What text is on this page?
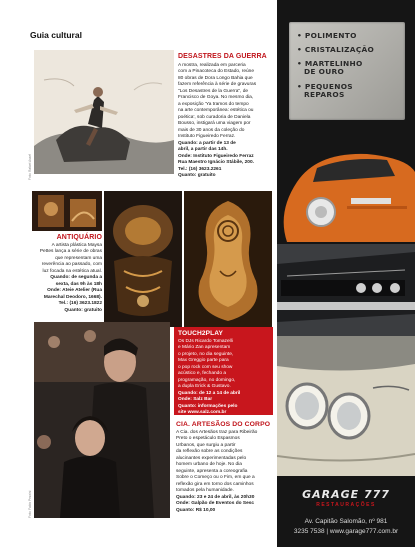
Guia cultural
Foto: Rafael Assef
DESASTRES DA GUERRA
A mostra, realizada em parceria
com a Pinacoteca do Estado, reúne
80 obras de Dora Longo Bahia que
fazem referência à série de gravuras
"Los Desastres de la Guerra", de
Francisco de Goya. No mesmo dia,
a exposição 'Ya tramos do tempo
na arte contemporânea: estética ou
poética', sob curadoria de Daniela
Bousso, instigará uma viagem por
mais de 30 anos da coleção do
Instituto Figueiredo Ferraz.
Quando: a partir de 13 de
abril, a partir das 14h.
Onde: Instituto Figueiredo Ferraz
Rua Maestro Ignácio Stábile, 200.
Tel.: (16) 3623.2261
Quanto: gratuito
ANTIQUÁRIO
A artista plástica Maysa
Pettes lança a série de obras
que representam uma
reverência ao passado, com
luz focada na estética atual.
Quando: de segunda a
sexta, das 9h às 18h
Onde: Ateie Atelier (Rua
Marechal Deodoro, 1668).
Tel.: (16) 3623.1822
Quanto: gratuito
Foto: Fabio Pezzini
TOUCH2PLAY
Os DJs Ricardo Tomazelli
e Mário Zan apresentam
o projeto, no dia seguinte,
Max Greggio parte para
o pop rock com seu show
acústico e, fechando a
programação, no domingo,
a dupla Erick & Gustavo.
Quando: de 12 a 14 de abril
Onde: Salz Bar
Quanto: informações pelo
site www.salz.com.br
CIA. ARTESÃOS DO CORPO
A Cia. dos Artesãos traz para Ribeirão
Preto o espetáculo Espasmos
Urbanos, que surgiu a partir
da reflexão sobre as condições
alucinantes experimentadas pelo
homem urbano de hoje. No dia
seguinte, apresenta a coreografia
Sobre o Começo ou o Fim, em que a
reflexão gira em torno dos caminhos
tomados pela humanidade.
Quando: 23 e 24 de abril, às 20h30
Onde: Galpão de Eventos do Sesc
Quanto: R$ 10,00
• POLIMENTO
• CRISTALIZAÇÃO
• MARTELINHO
DE OURO
• PEQUENOS
REPAROS
GARAGE 777
RESTAURAÇÕES
Av. Capitão Salomão, nº 981
3235 7538 | www.garage777.com.br
